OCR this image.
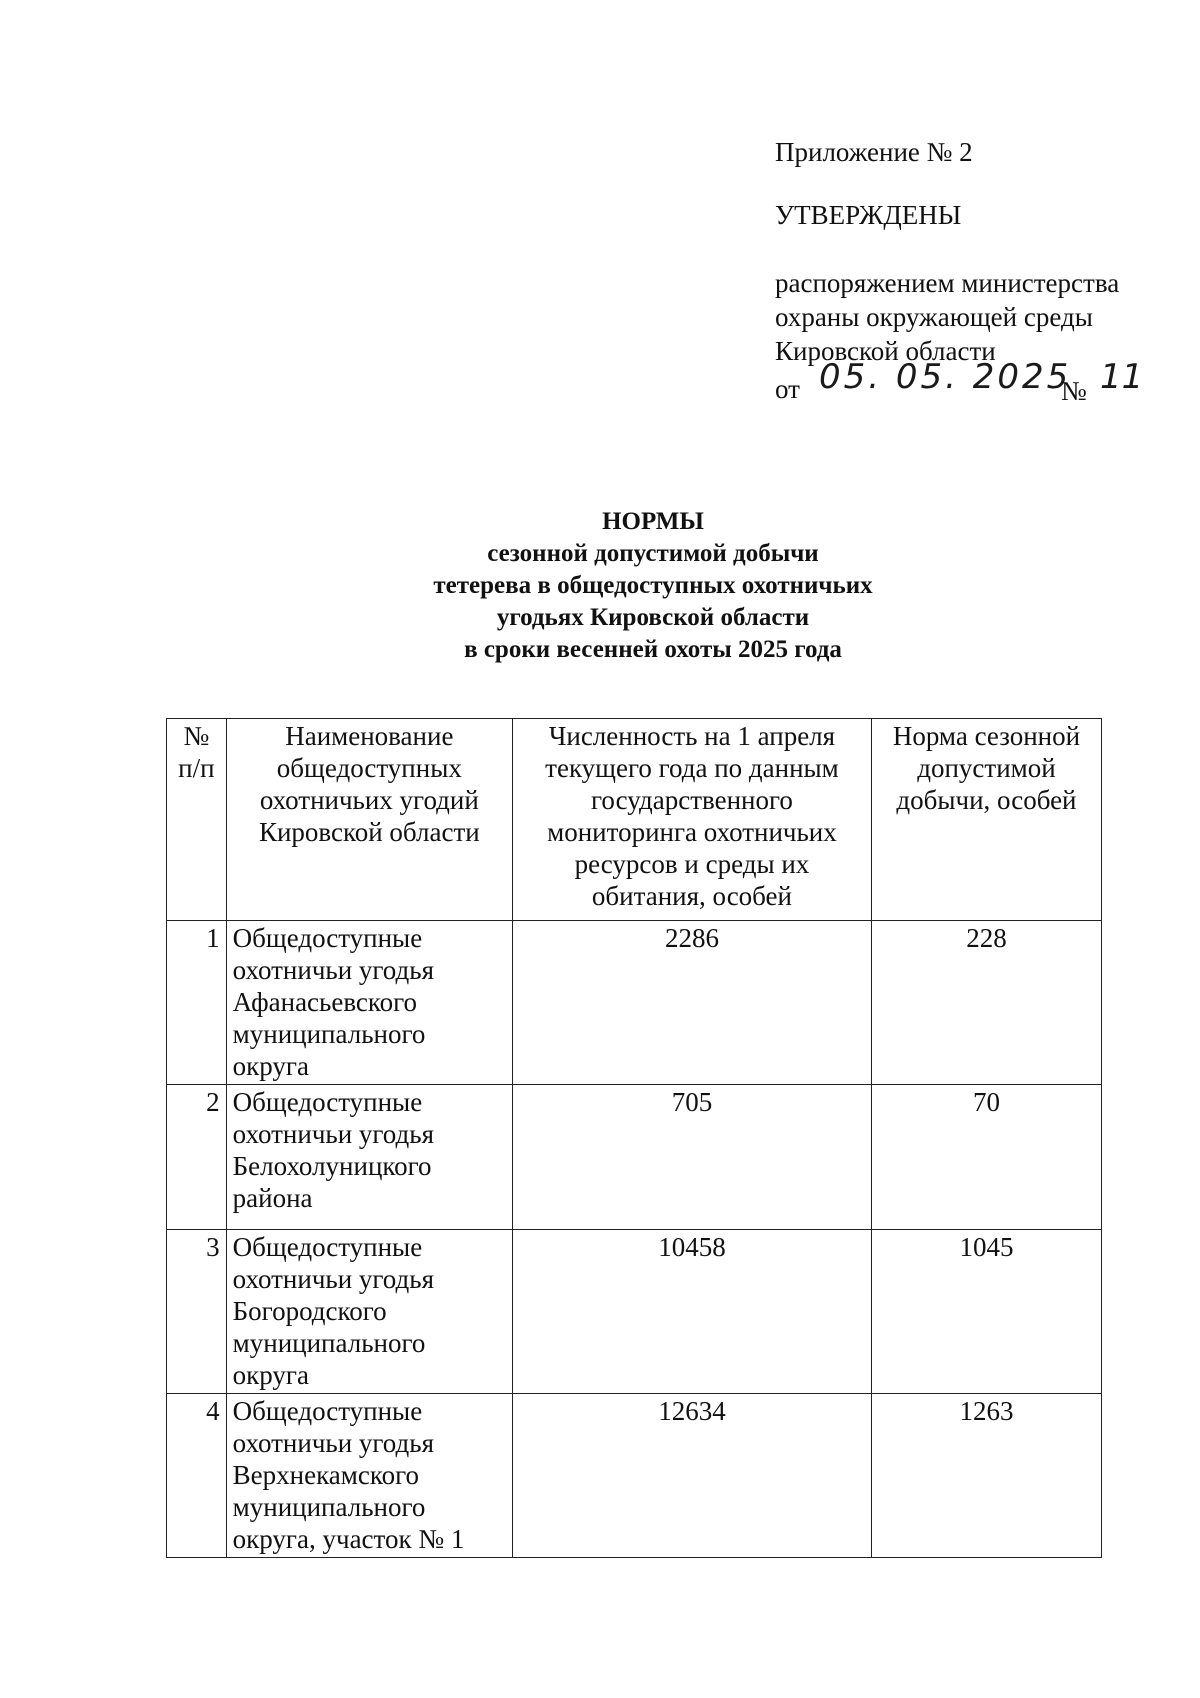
Приложение № 2
УТВЕРЖДЕНЫ
распоряжением министерства
охраны окружающей среды
Кировской области
от 05. 05. 2025
№ 11
НОРМЫ
сезонной допустимой добычи
тетерева в общедоступных охотничьих
угодьях Кировской области
в сроки весенней охоты 2025 года
№ п/п	Наименование общедоступных охотничьих угодий Кировской области	Численность на 1 апреля текущего года по данным государственного мониторинга охотничьих ресурсов и среды их обитания, особей	Норма сезонной допустимой добычи, особей
1	Общедоступные охотничьи угодья Афанасьевского муниципального округа	2286	228
2	Общедоступные охотничьи угодья Белохолуницкого района	705	70
3	Общедоступные охотничьи угодья Богородского муниципального округа	10458	1045
4	Общедоступные охотничьи угодья Верхнекамского муниципального округа, участок № 1	12634	1263
